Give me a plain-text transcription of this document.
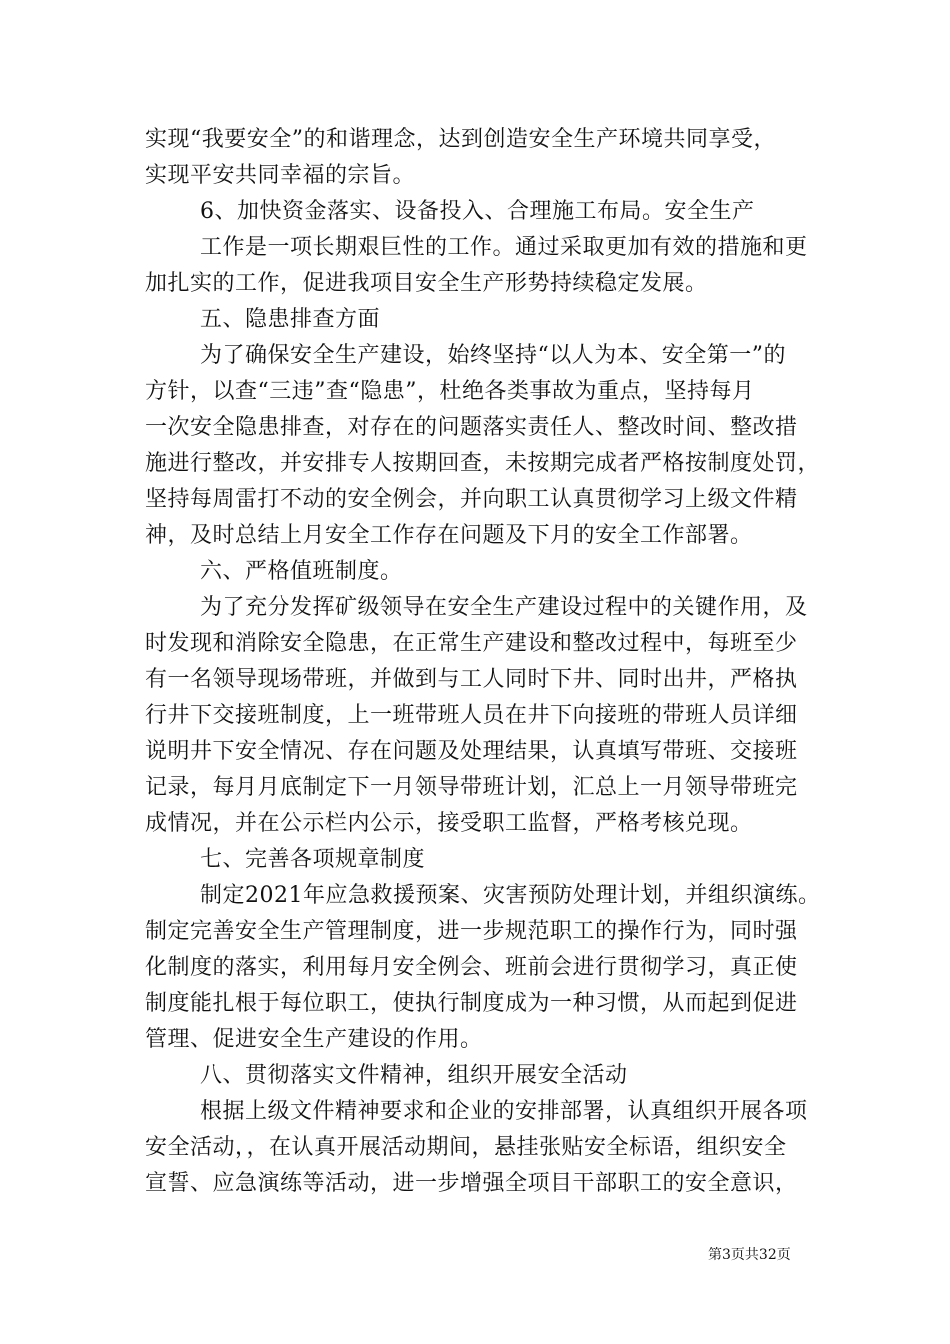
实现“我要安全”的和谐理念，达到创造安全生产环境共同享受，
实现平安共同幸福的宗旨。
6、加快资金落实、设备投入、合理施工布局。安全生产
工作是一项长期艰巨性的工作。通过采取更加有效的措施和更
加扎实的工作，促进我项目安全生产形势持续稳定发展。
五、隐患排查方面
为了确保安全生产建设，始终坚持“以人为本、安全第一”的
方针，以查“三违”查“隐患”，杜绝各类事故为重点，坚持每月
一次安全隐患排查，对存在的问题落实责任人、整改时间、整改措
施进行整改，并安排专人按期回查，未按期完成者严格按制度处罚，
坚持每周雷打不动的安全例会，并向职工认真贯彻学习上级文件精
神，及时总结上月安全工作存在问题及下月的安全工作部署。
六、严格值班制度。
为了充分发挥矿级领导在安全生产建设过程中的关键作用，及
时发现和消除安全隐患，在正常生产建设和整改过程中，每班至少
有一名领导现场带班，并做到与工人同时下井、同时出井，严格执
行井下交接班制度，上一班带班人员在井下向接班的带班人员详细
说明井下安全情况、存在问题及处理结果，认真填写带班、交接班
记录，每月月底制定下一月领导带班计划，汇总上一月领导带班完
成情况，并在公示栏内公示，接受职工监督，严格考核兑现。
七、完善各项规章制度
制定2021年应急救援预案、灾害预防处理计划，并组织演练。
制定完善安全生产管理制度，进一步规范职工的操作行为，同时强
化制度的落实，利用每月安全例会、班前会进行贯彻学习，真正使
制度能扎根于每位职工，使执行制度成为一种习惯，从而起到促进
管理、促进安全生产建设的作用。
八、贯彻落实文件精神，组织开展安全活动
根据上级文件精神要求和企业的安排部署，认真组织开展各项
安全活动，，在认真开展活动期间，悬挂张贴安全标语，组织安全
宣誓、应急演练等活动，进一步增强全项目干部职工的安全意识，
第3页共32页
